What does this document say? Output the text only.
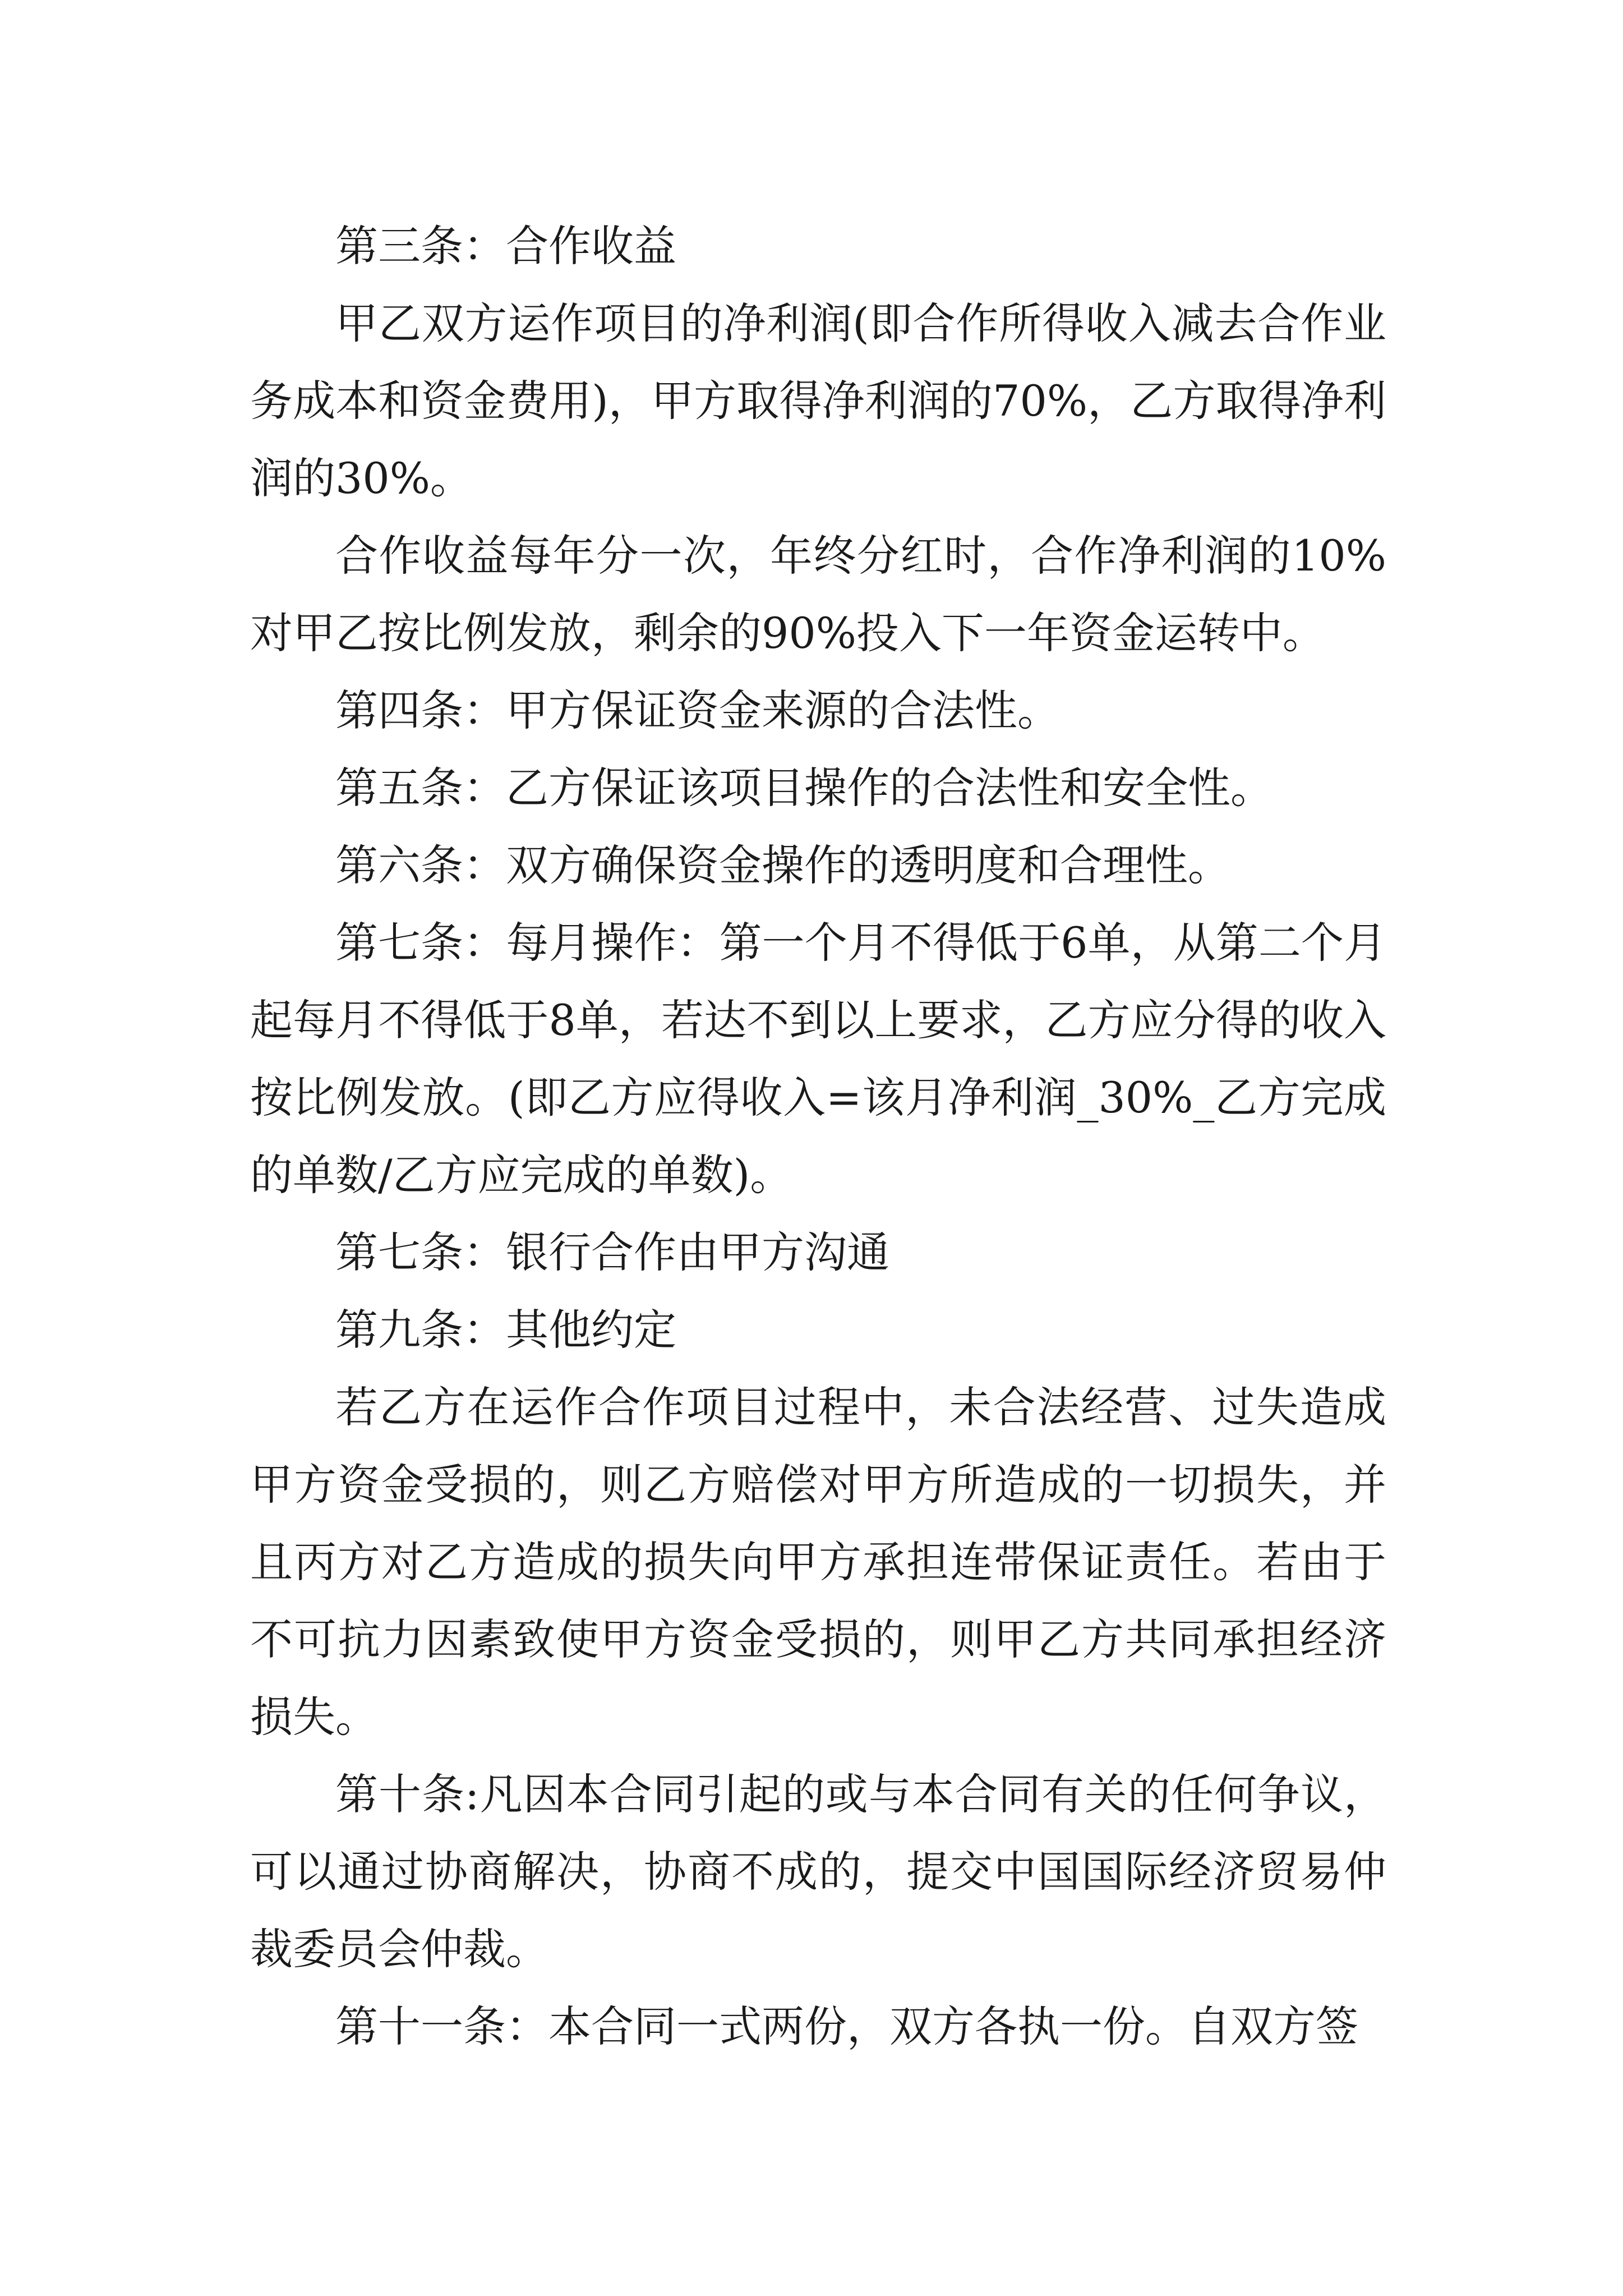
第三条：合作收益

甲乙双方运作项目的净利润(即合作所得收入减去合作业务成本和资金费用)，甲方取得净利润的70%，乙方取得净利润的30%。

合作收益每年分一次，年终分红时，合作净利润的10%对甲乙按比例发放，剩余的90%投入下一年资金运转中。

第四条：甲方保证资金来源的合法性。

第五条：乙方保证该项目操作的合法性和安全性。

第六条：双方确保资金操作的透明度和合理性。

第七条：每月操作：第一个月不得低于6单，从第二个月起每月不得低于8单，若达不到以上要求，乙方应分得的收入按比例发放。(即乙方应得收入=该月净利润_30%_乙方完成的单数/乙方应完成的单数)。

第七条：银行合作由甲方沟通

第九条：其他约定

若乙方在运作合作项目过程中，未合法经营、过失造成甲方资金受损的，则乙方赔偿对甲方所造成的一切损失，并且丙方对乙方造成的损失向甲方承担连带保证责任。若由于不可抗力因素致使甲方资金受损的，则甲乙方共同承担经济损失。

第十条:凡因本合同引起的或与本合同有关的任何争议，可以通过协商解决，协商不成的，提交中国国际经济贸易仲裁委员会仲裁。

第十一条：本合同一式两份，双方各执一份。自双方签
